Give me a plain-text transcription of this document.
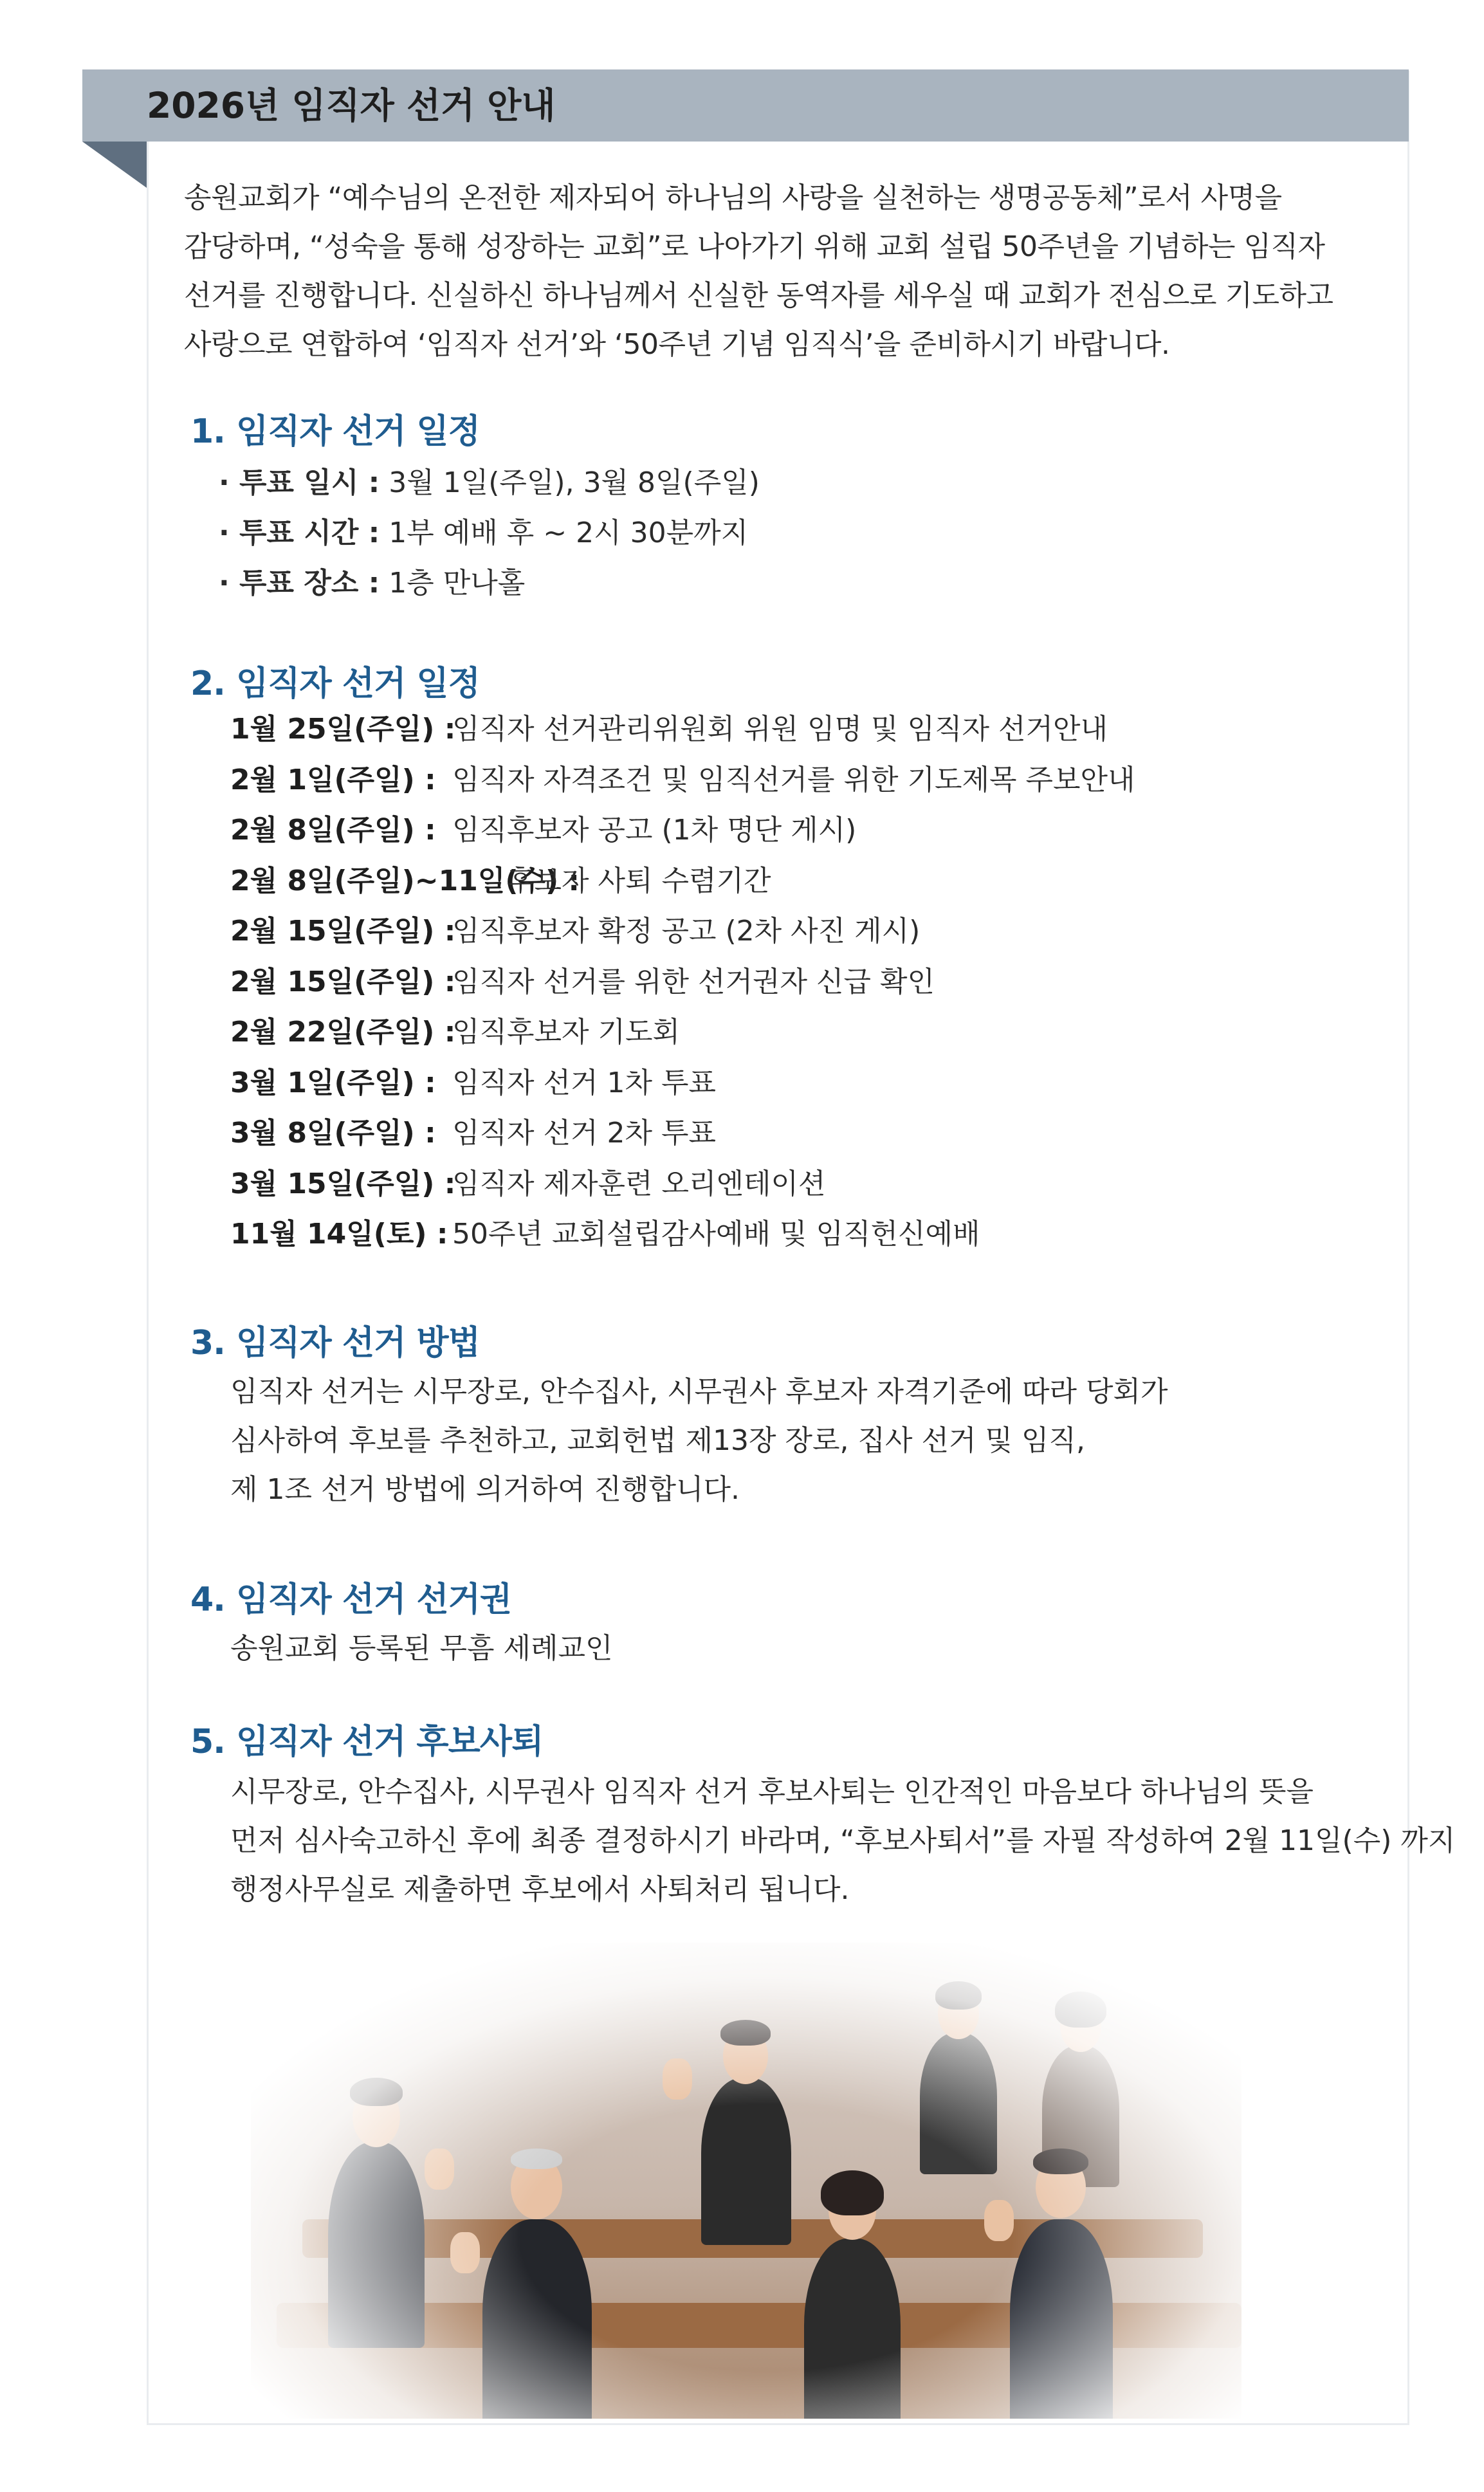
2026년 임직자 선거 안내
송원교회가 “예수님의 온전한 제자되어 하나님의 사랑을 실천하는 생명공동체”로서 사명을
감당하며, “성숙을 통해 성장하는 교회”로 나아가기 위해 교회 설립 50주년을 기념하는 임직자
선거를 진행합니다. 신실하신 하나님께서 신실한 동역자를 세우실 때 교회가 전심으로 기도하고
사랑으로 연합하여 ‘임직자 선거’와 ‘50주년 기념 임직식’을 준비하시기 바랍니다.
1. 임직자 선거 일정
· 투표 일시 : 3월 1일(주일), 3월 8일(주일)
· 투표 시간 : 1부 예배 후 ~ 2시 30분까지
· 투표 장소 : 1층 만나홀
2. 임직자 선거 일정
1월 25일(주일) :
임직자 선거관리위원회 위원 임명 및 임직자 선거안내
2월 1일(주일) : 임직자 자격조건 및 임직선거를 위한 기도제목 주보안내
2월 8일(주일) : 임직후보자 공고 (1차 명단 게시)
2월 8일(주일)~11일(수) :
후보자 사퇴 수렴기간
2월 15일(주일) :
임직후보자 확정 공고 (2차 사진 게시)
2월 15일(주일) :
임직자 선거를 위한 선거권자 신급 확인
2월 22일(주일) :
임직후보자 기도회
3월 1일(주일) : 임직자 선거 1차 투표
3월 8일(주일) : 임직자 선거 2차 투표
3월 15일(주일) :
임직자 제자훈련 오리엔테이션
11월 14일(토) : 50주년 교회설립감사예배 및 임직헌신예배
3. 임직자 선거 방법
임직자 선거는 시무장로, 안수집사, 시무권사 후보자 자격기준에 따라 당회가
심사하여 후보를 추천하고, 교회헌법 제13장 장로, 집사 선거 및 임직,
제 1조 선거 방법에 의거하여 진행합니다.
4. 임직자 선거 선거권
송원교회 등록된 무흠 세례교인
5. 임직자 선거 후보사퇴
시무장로, 안수집사, 시무권사 임직자 선거 후보사퇴는 인간적인 마음보다 하나님의 뜻을
먼저 심사숙고하신 후에 최종 결정하시기 바라며, “후보사퇴서”를 자필 작성하여 2월 11일(수) 까지
행정사무실로 제출하면 후보에서 사퇴처리 됩니다.
